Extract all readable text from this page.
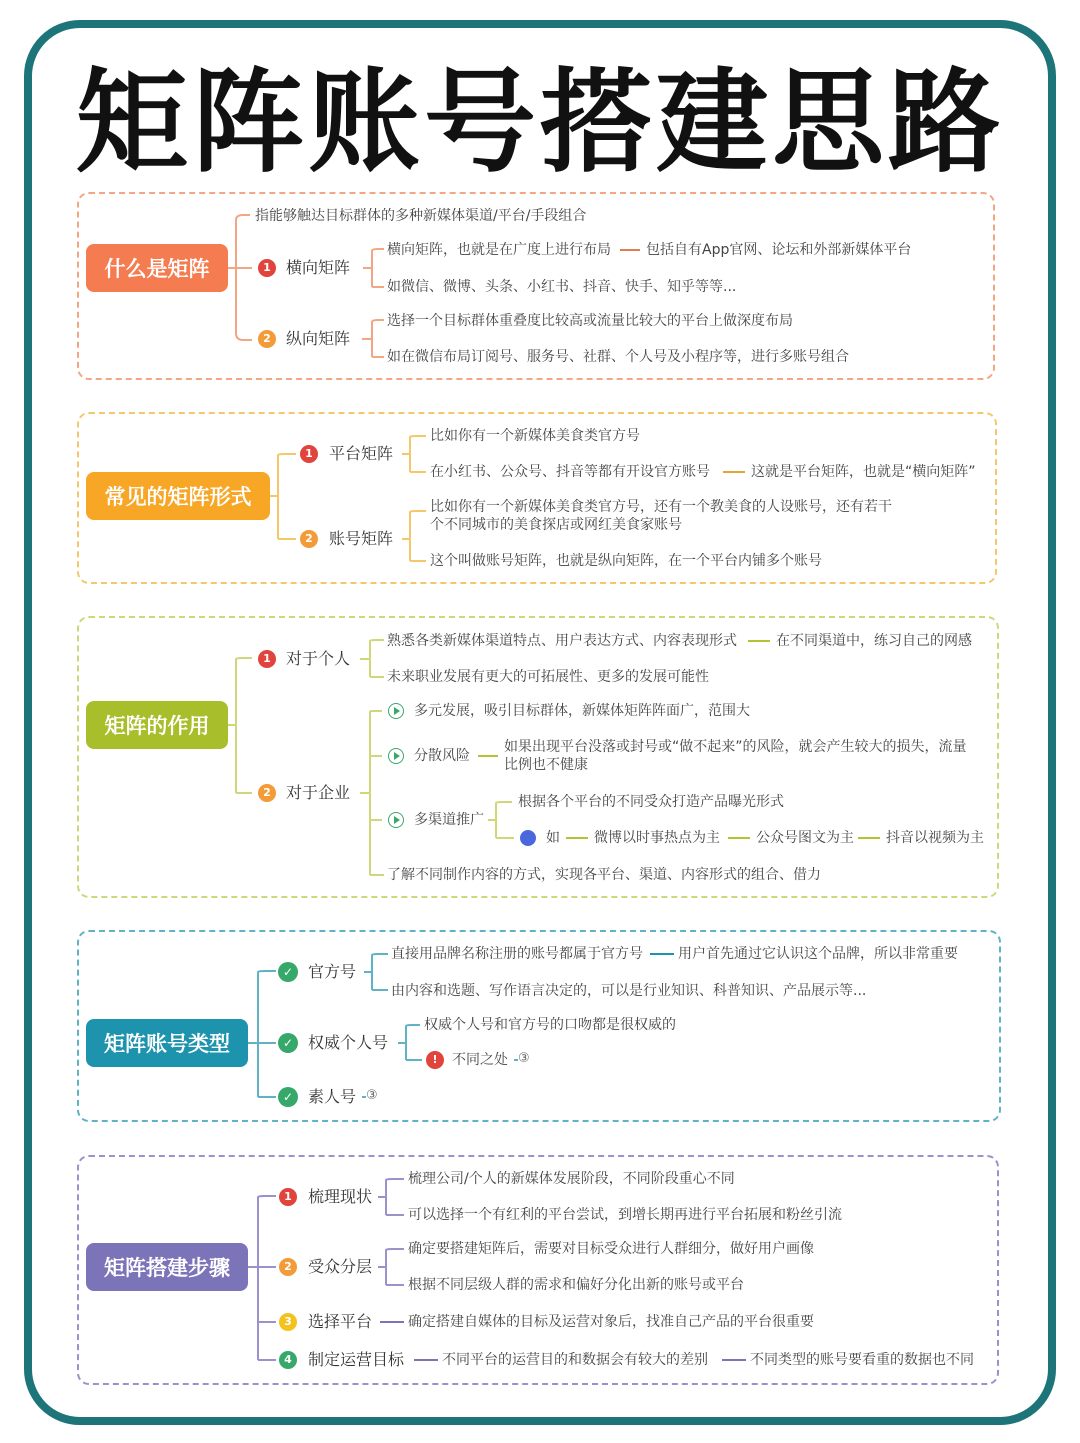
矩阵账号搭建思路
什么是矩阵
指能够触达目标群体的多种新媒体渠道/平台/手段组合
1 横向矩阵
横向矩阵，也就是在广度上进行布局	包括自有App官网、论坛和外部新媒体平台
如微信、微博、头条、小红书、抖音、快手、知乎等等...
2 纵向矩阵
选择一个目标群体重叠度比较高或流量比较大的平台上做深度布局
如在微信布局订阅号、服务号、社群、个人号及小程序等，进行多账号组合
常见的矩阵形式
1	平台矩阵
比如你有一个新媒体美食类官方号
在小红书、公众号、抖音等都有开设官方账号	这就是平台矩阵，也就是“横向矩阵”
2	账号矩阵
比如你有一个新媒体美食类官方号，还有一个教美食的人设账号，还有若干个不同城市的美食探店或网红美食家账号
这个叫做账号矩阵，也就是纵向矩阵，在一个平台内铺多个账号
矩阵的作用
1 对于个人
熟悉各类新媒体渠道特点、用户表达方式、内容表现形式	在不同渠道中，练习自己的网感
未来职业发展有更大的可拓展性、更多的发展可能性
2 对于企业
多元发展，吸引目标群体，新媒体矩阵阵面广，范围大
分散风险
如果出现平台没落或封号或“做不起来”的风险，就会产生较大的损失，流量比例也不健康
多渠道推广
根据各个平台的不同受众打造产品曝光形式
如 微博以时事热点为主	公众号图文为主 抖音以视频为主
了解不同制作内容的方式，实现各平台、渠道、内容形式的组合、借力
矩阵账号类型
✓ 官方号
直接用品牌名称注册的账号都属于官方号	用户首先通过它认识这个品牌，所以非常重要
由内容和选题、写作语言决定的，可以是行业知识、科普知识、产品展示等...
✓ 权威个人号
权威个人号和官方号的口吻都是很权威的
!	不同之处 ③
✓ 素人号 ③
矩阵搭建步骤
1	梳理现状
梳理公司/个人的新媒体发展阶段，不同阶段重心不同
可以选择一个有红利的平台尝试，到增长期再进行平台拓展和粉丝引流
2	受众分层
确定要搭建矩阵后，需要对目标受众进行人群细分，做好用户画像
根据不同层级人群的需求和偏好分化出新的账号或平台
3	选择平台	确定搭建自媒体的目标及运营对象后，找准自己产品的平台很重要
4	制定运营目标	不同平台的运营目的和数据会有较大的差别	不同类型的账号要看重的数据也不同
